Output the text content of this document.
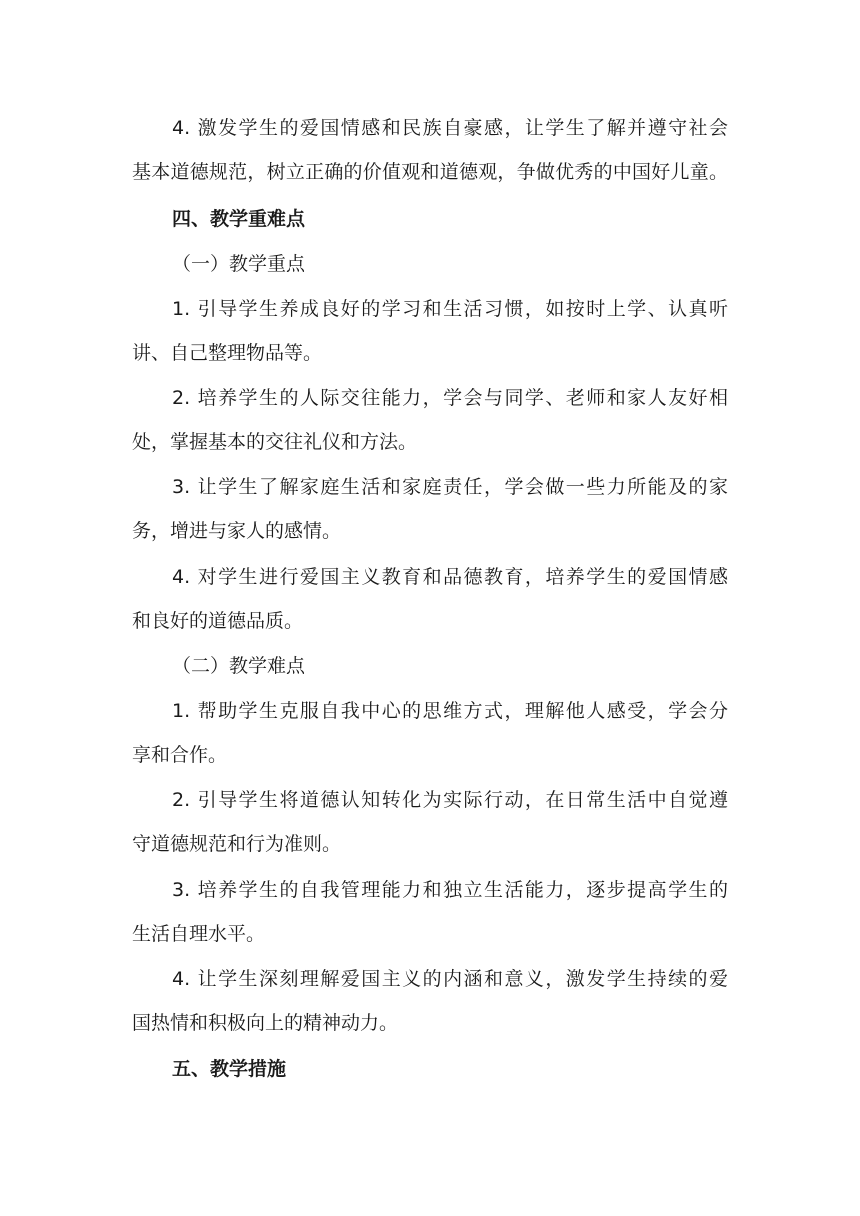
4. 激发学生的爱国情感和民族自豪感，让学生了解并遵守社会
基本道德规范，树立正确的价值观和道德观，争做优秀的中国好儿童。
四、教学重难点
（一）教学重点
1. 引导学生养成良好的学习和生活习惯，如按时上学、认真听
讲、自己整理物品等。
2. 培养学生的人际交往能力，学会与同学、老师和家人友好相
处，掌握基本的交往礼仪和方法。
3. 让学生了解家庭生活和家庭责任，学会做一些力所能及的家
务，增进与家人的感情。
4. 对学生进行爱国主义教育和品德教育，培养学生的爱国情感
和良好的道德品质。
（二）教学难点
1. 帮助学生克服自我中心的思维方式，理解他人感受，学会分
享和合作。
2. 引导学生将道德认知转化为实际行动，在日常生活中自觉遵
守道德规范和行为准则。
3. 培养学生的自我管理能力和独立生活能力，逐步提高学生的
生活自理水平。
4. 让学生深刻理解爱国主义的内涵和意义，激发学生持续的爱
国热情和积极向上的精神动力。
五、教学措施
